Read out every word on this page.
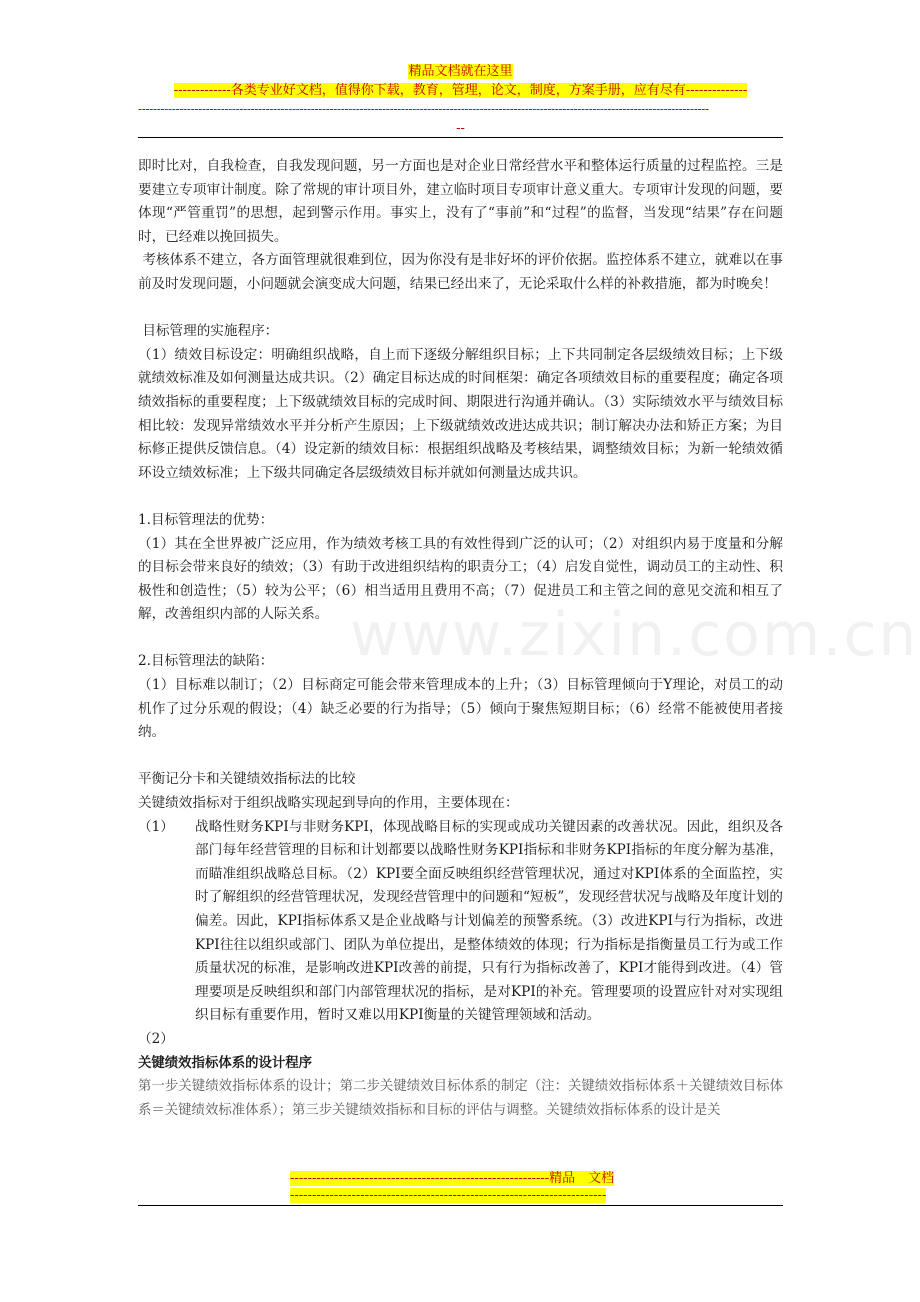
www.zixin.com.cn
精品文档就在这里
-------------各类专业好文档，值得你下载，教育，管理，论文，制度，方案手册，应有尽有--------------
--------------------------------------------------------------------------------------------------------------------------------------------------------
--

即时比对，自我检查，自我发现问题，另一方面也是对企业日常经营水平和整体运行质量的过程监控。三是要建立专项审计制度。除了常规的审计项目外，建立临时项目专项审计意义重大。专项审计发现的问题，要体现“严管重罚”的思想，起到警示作用。事实上，没有了“事前”和“过程”的监督，当发现“结果”存在问题时，已经难以挽回损失。

考核体系不建立，各方面管理就很难到位，因为你没有是非好坏的评价依据。监控体系不建立，就难以在事前及时发现问题，小问题就会演变成大问题，结果已经出来了，无论采取什么样的补救措施，都为时晚矣！

目标管理的实施程序：

（1）绩效目标设定：明确组织战略，自上而下逐级分解组织目标；上下共同制定各层级绩效目标；上下级就绩效标准及如何测量达成共识。（2）确定目标达成的时间框架：确定各项绩效目标的重要程度；确定各项绩效指标的重要程度；上下级就绩效目标的完成时间、期限进行沟通并确认。（3）实际绩效水平与绩效目标相比较：发现异常绩效水平并分析产生原因；上下级就绩效改进达成共识；制订解决办法和矫正方案；为目标修正提供反馈信息。（4）设定新的绩效目标：根据组织战略及考核结果，调整绩效目标；为新一轮绩效循环设立绩效标准；上下级共同确定各层级绩效目标并就如何测量达成共识。

1.目标管理法的优势：

（1）其在全世界被广泛应用，作为绩效考核工具的有效性得到广泛的认可；（2）对组织内易于度量和分解的目标会带来良好的绩效；（3）有助于改进组织结构的职责分工；（4）启发自觉性，调动员工的主动性、积极性和创造性；（5）较为公平；（6）相当适用且费用不高；（7）促进员工和主管之间的意见交流和相互了解，改善组织内部的人际关系。

2.目标管理法的缺陷：

（1）目标难以制订；（2）目标商定可能会带来管理成本的上升；（3）目标管理倾向于Y理论，对员工的动机作了过分乐观的假设；（4）缺乏必要的行为指导；（5）倾向于聚焦短期目标；（6）经常不能被使用者接纳。

平衡记分卡和关键绩效指标法的比较

关键绩效指标对于组织战略实现起到导向的作用，主要体现在：

（1）	战略性财务KPI与非财务KPI，体现战略目标的实现或成功关键因素的改善状况。因此，组织及各部门每年经营管理的目标和计划都要以战略性财务KPI指标和非财务KPI指标的年度分解为基准，而瞄准组织战略总目标。（2）KPI要全面反映组织经营管理状况，通过对KPI体系的全面监控，实时了解组织的经营管理状况，发现经营管理中的问题和“短板”，发现经营状况与战略及年度计划的偏差。因此，KPI指标体系又是企业战略与计划偏差的预警系统。（3）改进KPI与行为指标，改进KPI往往以组织或部门、团队为单位提出，是整体绩效的体现；行为指标是指衡量员工行为或工作质量状况的标准，是影响改进KPI改善的前提，只有行为指标改善了，KPI才能得到改进。（4）管理要项是反映组织和部门内部管理状况的指标，是对KPI的补充。管理要项的设置应针对对实现组织目标有重要作用，暂时又难以用KPI衡量的关键管理领域和活动。
（2）

关键绩效指标体系的设计程序

第一步关键绩效指标体系的设计；第二步关键绩效目标体系的制定（注：关键绩效指标体系＋关键绩效目标体系＝关键绩效标准体系）；第三步关键绩效指标和目标的评估与调整。关键绩效指标体系的设计是关

-----------------------------------------------------------精品　文档
------------------------------------------------------------------------
